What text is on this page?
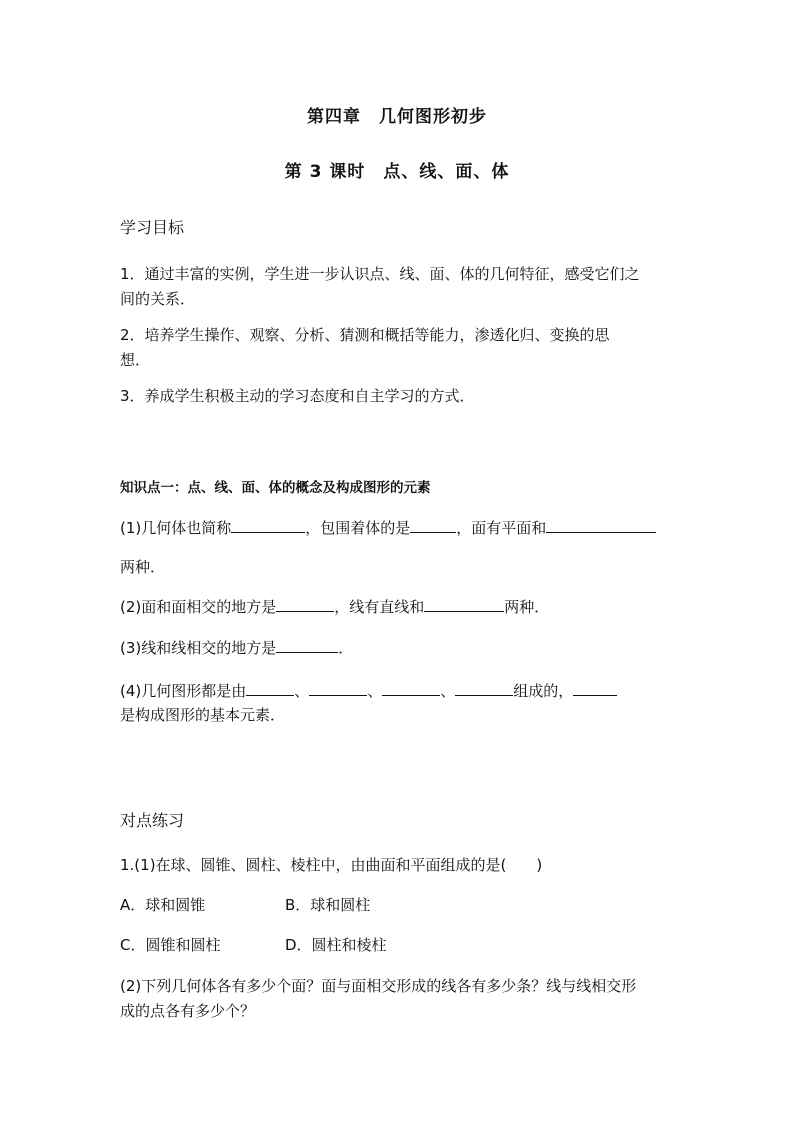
第四章　几何图形初步
第 3 课时　点、线、面、体
学习目标
1．通过丰富的实例，学生进一步认识点、线、面、体的几何特征，感受它们之
间的关系．
2．培养学生操作、观察、分析、猜测和概括等能力，渗透化归、变换的思
想．
3．养成学生积极主动的学习态度和自主学习的方式．
知识点一：点、线、面、体的概念及构成图形的元素
(1)几何体也简称	，包围着体的是	，面有平面和
两种．
(2)面和面相交的地方是	，线有直线和	两种．
(3)线和线相交的地方是	．
(4)几何图形都是由	、	、	、	组成的，
是构成图形的基本元素．
对点练习
1.(1)在球、圆锥、圆柱、棱柱中，由曲面和平面组成的是(　　)
A．球和圆锥	B．球和圆柱
C．圆锥和圆柱	D．圆柱和棱柱
(2)下列几何体各有多少个面？面与面相交形成的线各有多少条？线与线相交形
成的点各有多少个？
